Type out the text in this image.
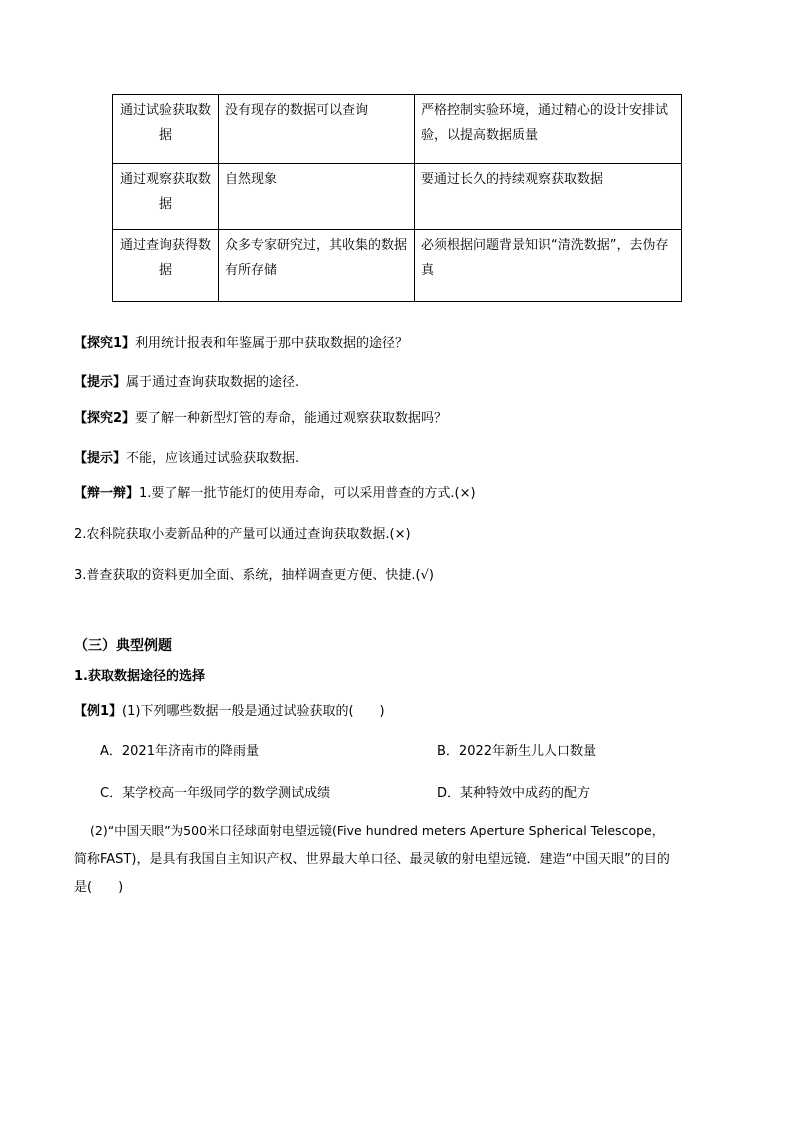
通过试验获取数据	没有现存的数据可以查询	严格控制实验环境，通过精心的设计安排试验，以提高数据质量
通过观察获取数据	自然现象	要通过长久的持续观察获取数据
通过查询获得数据	众多专家研究过，其收集的数据有所存储	必须根据问题背景知识“清洗数据”，去伪存真
【探究1】利用统计报表和年鉴属于那中获取数据的途径？
【提示】属于通过查询获取数据的途径.
【探究2】要了解一种新型灯管的寿命，能通过观察获取数据吗？
【提示】不能，应该通过试验获取数据.
【辩一辩】1.要了解一批节能灯的使用寿命，可以采用普查的方式.(×)
2.农科院获取小麦新品种的产量可以通过查询获取数据.(×)
3.普查获取的资料更加全面、系统，抽样调查更方便、快捷.(√)
（三）典型例题
1.获取数据途径的选择
【例1】(1)下列哪些数据一般是通过试验获取的(　　)
A．2021年济南市的降雨量	B．2022年新生儿人口数量
C．某学校高一年级同学的数学测试成绩	D．某种特效中成药的配方
(2)“中国天眼”为500米口径球面射电望远镜(Five hundred meters Aperture Spherical Telescope，
简称FAST)，是具有我国自主知识产权、世界最大单口径、最灵敏的射电望远镜．建造“中国天眼”的目的
是(　　)
